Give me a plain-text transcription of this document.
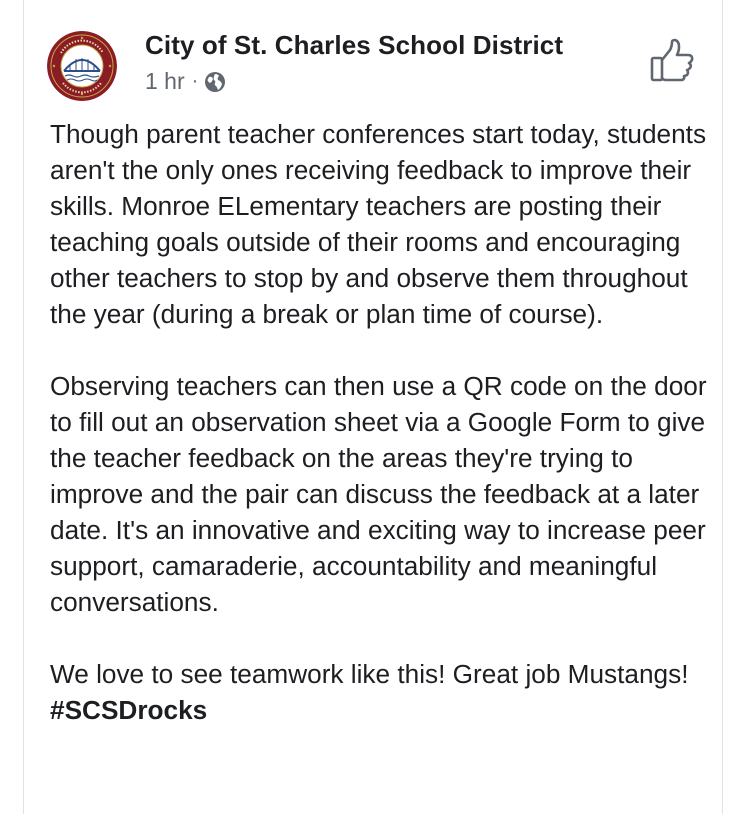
City of St. Charles School District
1 hr ·

Though parent teacher conferences start today, students aren't the only ones receiving feedback to improve their skills. Monroe ELementary teachers are posting their teaching goals outside of their rooms and encouraging other teachers to stop by and observe them throughout the year (during a break or plan time of course).

Observing teachers can then use a QR code on the door to fill out an observation sheet via a Google Form to give the teacher feedback on the areas they're trying to improve and the pair can discuss the feedback at a later date. It's an innovative and exciting way to increase peer support, camaraderie, accountability and meaningful conversations.

We love to see teamwork like this! Great job Mustangs! #SCSDrocks
